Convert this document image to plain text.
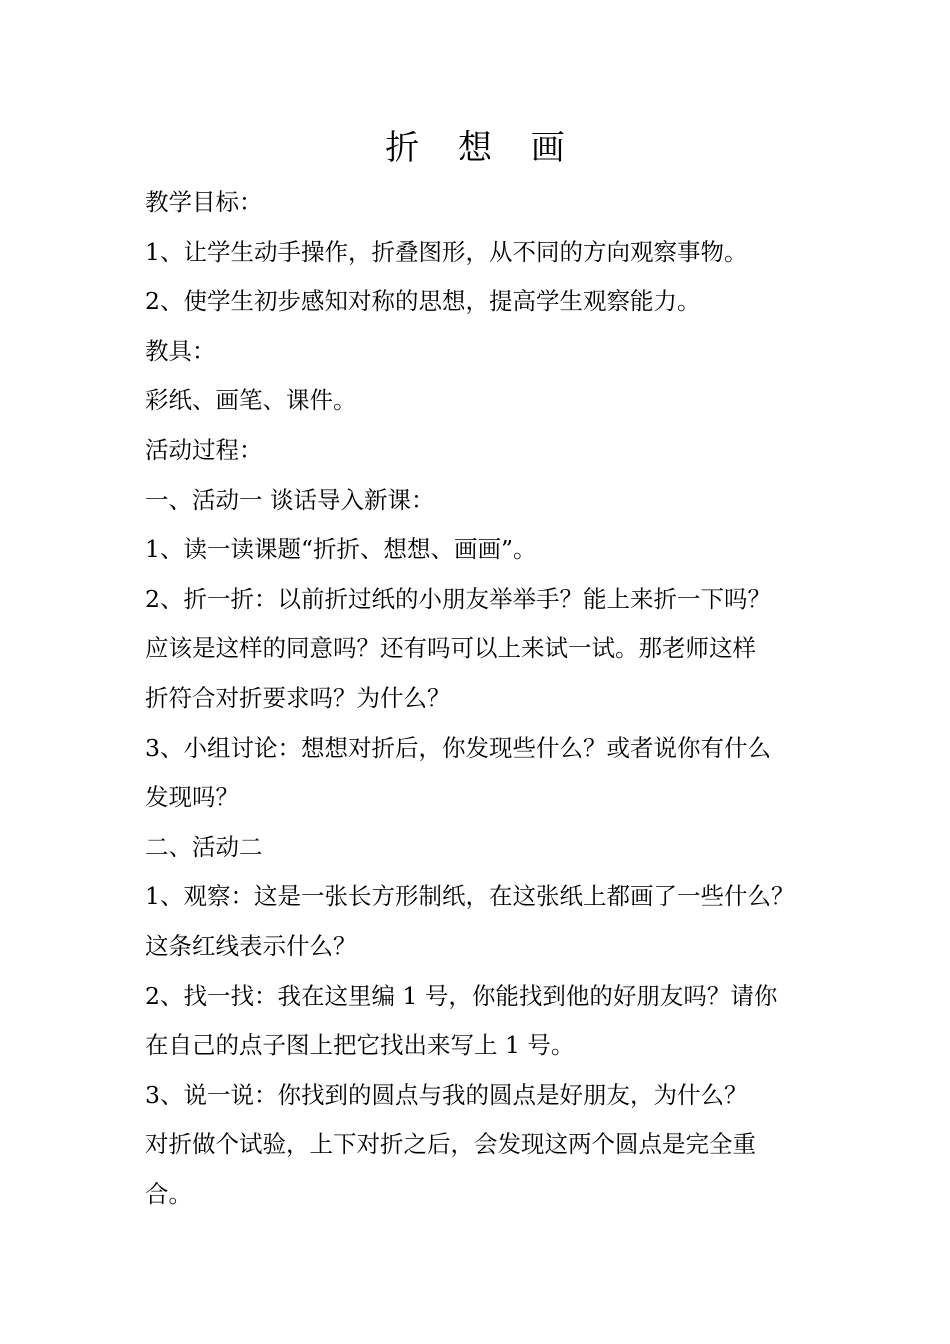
折 想 画
教学目标：
1、让学生动手操作，折叠图形，从不同的方向观察事物。
2、使学生初步感知对称的思想，提高学生观察能力。
教具：
彩纸、画笔、课件。
活动过程：
一、活动一 谈话导入新课：
1、读一读课题“折折、想想、画画”。
2、折一折：以前折过纸的小朋友举举手？能上来折一下吗？
应该是这样的同意吗？还有吗可以上来试一试。那老师这样
折符合对折要求吗？为什么？
3、小组讨论：想想对折后，你发现些什么？或者说你有什么
发现吗？
二、活动二
1、观察：这是一张长方形制纸，在这张纸上都画了一些什么？
这条红线表示什么？
2、找一找：我在这里编 1 号，你能找到他的好朋友吗？请你
在自己的点子图上把它找出来写上 1 号。
3、说一说：你找到的圆点与我的圆点是好朋友，为什么？
对折做个试验，上下对折之后，会发现这两个圆点是完全重
合。
